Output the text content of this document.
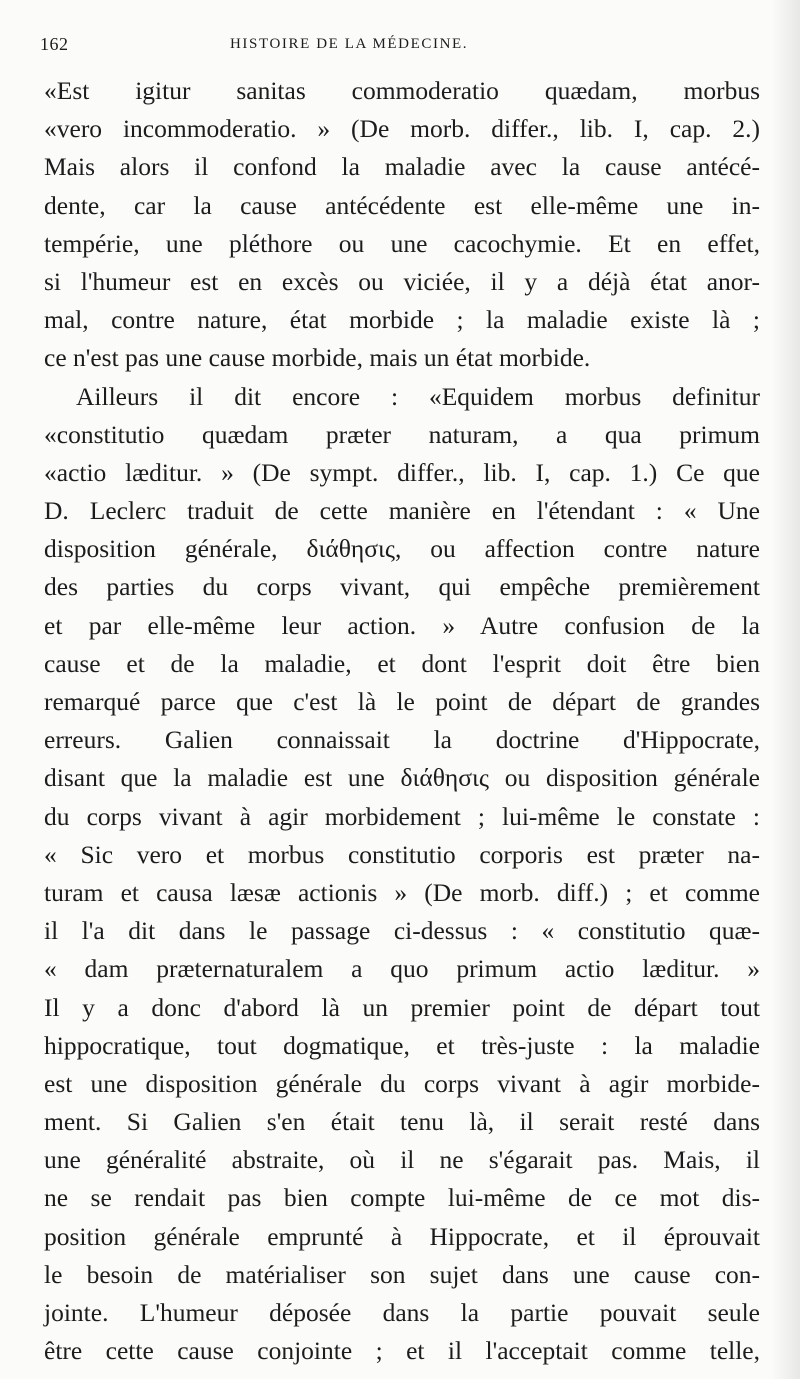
162	HISTOIRE DE LA MÉDECINE.
«Est igitur sanitas commoderatio quædam, morbus
«vero incommoderatio. » (De morb. differ., lib. I, cap. 2.)
Mais alors il confond la maladie avec la cause antécé-
dente, car la cause antécédente est elle-même une in-
tempérie, une pléthore ou une cacochymie. Et en effet,
si l'humeur est en excès ou viciée, il y a déjà état anor-
mal, contre nature, état morbide ; la maladie existe là ;
ce n'est pas une cause morbide, mais un état morbide.
Ailleurs il dit encore : «Equidem morbus definitur
«constitutio quædam præter naturam, a qua primum
«actio læditur. » (De sympt. differ., lib. I, cap. 1.) Ce que
D. Leclerc traduit de cette manière en l'étendant : « Une
disposition générale, διάθησις, ou affection contre nature
des parties du corps vivant, qui empêche premièrement
et par elle-même leur action. » Autre confusion de la
cause et de la maladie, et dont l'esprit doit être bien
remarqué parce que c'est là le point de départ de grandes
erreurs. Galien connaissait la doctrine d'Hippocrate,
disant que la maladie est une διάθησις ou disposition générale
du corps vivant à agir morbidement ; lui-même le constate :
« Sic vero et morbus constitutio corporis est præter na-
turam et causa læsæ actionis » (De morb. diff.) ; et comme
il l'a dit dans le passage ci-dessus : « constitutio quæ-
« dam præternaturalem a quo primum actio læditur. »
Il y a donc d'abord là un premier point de départ tout
hippocratique, tout dogmatique, et très-juste : la maladie
est une disposition générale du corps vivant à agir morbide-
ment. Si Galien s'en était tenu là, il serait resté dans
une généralité abstraite, où il ne s'égarait pas. Mais, il
ne se rendait pas bien compte lui-même de ce mot dis-
position générale emprunté à Hippocrate, et il éprouvait
le besoin de matérialiser son sujet dans une cause con-
jointe. L'humeur déposée dans la partie pouvait seule
être cette cause conjointe ; et il l'acceptait comme telle,
